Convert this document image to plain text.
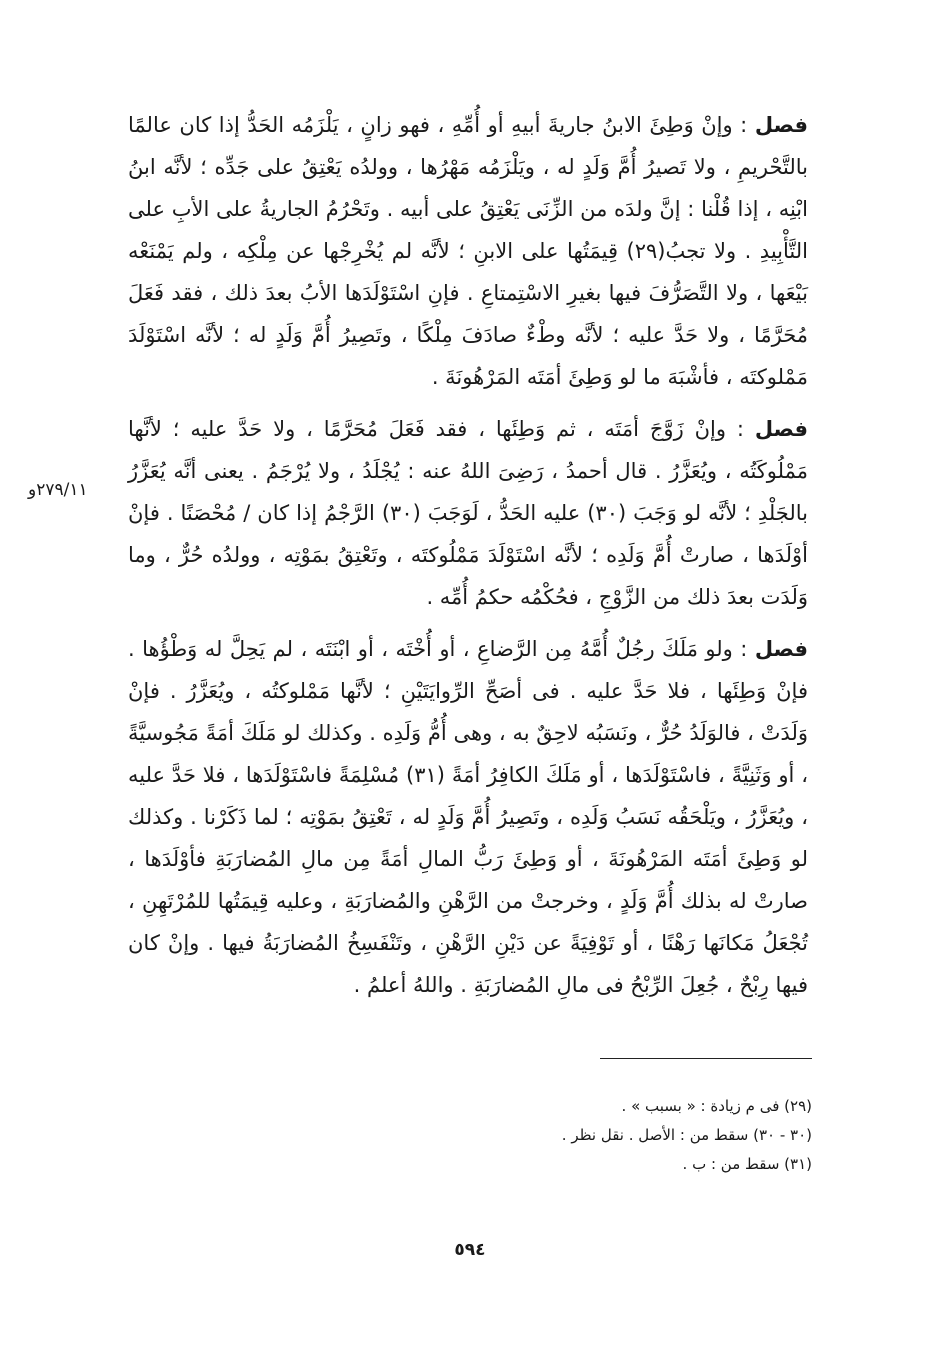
فصل : وإنْ وَطِئَ الابنُ جاريةَ أبيهِ أو أُمِّهِ ، فهو زانٍ ، يَلْزَمُه الحَدُّ إذا كان عالمًا بالتَّحْريمِ ، ولا تَصيرُ أُمَّ وَلَدٍ له ، ويَلْزَمُه مَهْرُها ، وولدُه يَعْتِقُ على جَدِّه ؛ لأنَّه ابنُ ابْنِه ، إذا قُلْنا : إنَّ ولدَه من الزِّنَى يَعْتِقُ على أبيه . وتَحْرُمُ الجاريةُ على الأبِ على التَّأْبِيدِ . ولا تجبُ(٢٩) قِيمَتُها على الابنِ ؛ لأنَّه لم يُخْرِجْها عن مِلْكِه ، ولم يَمْنَعْه بَيْعَها ، ولا التَّصَرُّفَ فيها بغيرِ الاسْتِمتاعِ . فإنِ اسْتَوْلَدَها الأبُ بعدَ ذلك ، فقد فَعَلَ مُحَرَّمًا ، ولا حَدَّ عليه ؛ لأنَّه وطْءٌ صادَفَ مِلْكًا ، وتَصِيرُ أُمَّ وَلَدٍ له ؛ لأنَّه اسْتَوْلَدَ مَمْلوكتَه ، فأشْبَهَ ما لو وَطِئَ أمَتَه المَرْهُونَةَ .

فصل : وإنْ زَوَّجَ أمَتَه ، ثم وَطِئَها ، فقد فَعَلَ مُحَرَّمًا ، ولا حَدَّ عليه ؛ لأنَّها مَمْلُوكَتُه ، ويُعَزَّرُ . قال أحمدُ ، رَضِىَ اللهُ عنه : يُجْلَدُ ، ولا يُرْجَمُ . يعنى أنَّه يُعَزَّرُ بالجَلْدِ ؛ لأنَّه لو وَجَبَ (٣٠) عليه الحَدُّ ، لَوَجَبَ (٣٠) الرَّجْمُ إذا كان / مُحْصَنًا . فإنْ أوْلَدَها ، صارتْ أُمَّ وَلَدِه ؛ لأنَّه اسْتَوْلَدَ مَمْلُوكتَه ، وتَعْتِقُ بمَوْتِه ، وولدُه حُرٌّ ، وما وَلَدَت بعدَ ذلك من الزَّوْجِ ، فحُكْمُه حكمُ أُمِّه .

فصل : ولو مَلَكَ رجُلٌ أُمَّهُ مِن الرَّضاعِ ، أو أُخْتَه ، أو ابْنَتَه ، لم يَحِلَّ له وَطْؤُها . فإنْ وَطِئَها ، فلا حَدَّ عليه . فى أصَحِّ الرِّوايَتَيْنِ ؛ لأنَّها مَمْلوكتُه ، ويُعَزَّرُ . فإنْ وَلَدَتْ ، فالوَلَدُ حُرٌّ ، ونَسَبُه لاحِقٌ به ، وهى أُمُّ وَلَدِه . وكذلك لو مَلَكَ أمَةً مَجُوسيَّةً ، أو وَثَنِيَّةً ، فاسْتَوْلَدَها ، أو مَلَكَ الكافِرُ أمَةً (٣١) مُسْلِمَةً فاسْتَوْلَدَها ، فلا حَدَّ عليه ، ويُعَزَّرُ ، ويَلْحَقُه نَسَبُ وَلَدِه ، وتَصِيرُ أُمَّ وَلَدٍ له ، تَعْتِقُ بمَوْتِه ؛ لما ذَكَرْنا . وكذلك لو وَطِئَ أمَتَه المَرْهُونَةَ ، أو وَطِئَ رَبُّ المالِ أمَةً مِن مالِ المُضارَبَةِ فأوْلَدَها ، صارتْ له بذلك أُمَّ وَلَدٍ ، وخرجتْ من الرَّهْنِ والمُضارَبَةِ ، وعليه قِيمَتُها للمُرْتَهِنِ ، تُجْعَلُ مَكانَها رَهْنًا ، أو تَوْفِيَةً عن دَيْنِ الرَّهْنِ ، وتَنْفَسِخُ المُضارَبَةُ فيها . وإنْ كان فيها رِبْحٌ ، جُعِلَ الرِّبْحُ فى مالِ المُضارَبَةِ . واللهُ أعلمُ .

٢٧٩/١١و
(٢٩) فى م زيادة : « بسبب » .
(٣٠ - ٣٠) سقط من : الأصل . نقل نظر .
(٣١) سقط من : ب .
٥٩٤
